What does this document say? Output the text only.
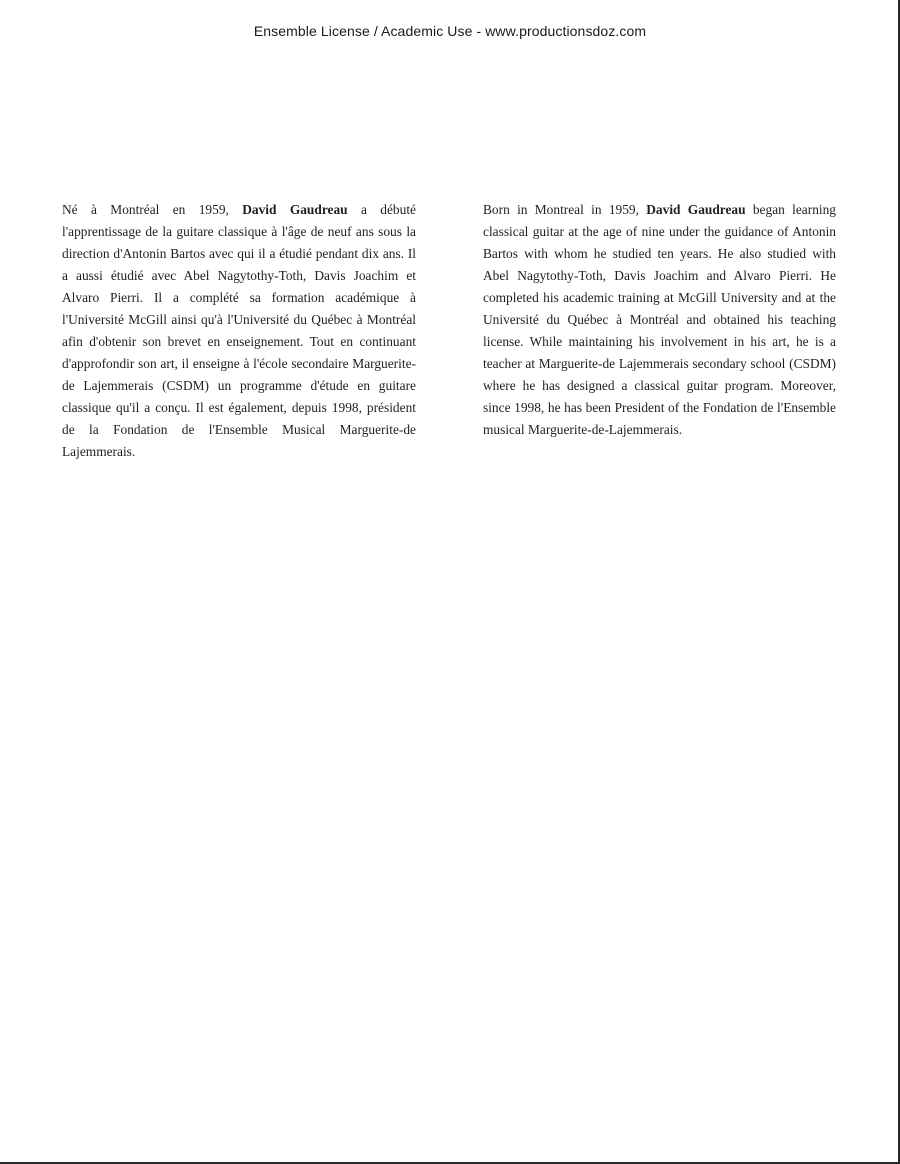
Ensemble License / Academic Use - www.productionsdoz.com
Né à Montréal en 1959, David Gaudreau a débuté l'apprentissage de la guitare classique à l'âge de neuf ans sous la direction d'Antonin Bartos avec qui il a étudié pendant dix ans. Il a aussi étudié avec Abel Nagytothy-Toth, Davis Joachim et Alvaro Pierri. Il a complété sa formation académique à l'Université McGill ainsi qu'à l'Université du Québec à Montréal afin d'obtenir son brevet en enseignement. Tout en continuant d'approfondir son art, il enseigne à l'école secondaire Marguerite-de Lajemmerais (CSDM) un programme d'étude en guitare classique qu'il a conçu. Il est également, depuis 1998, président de la Fondation de l'Ensemble Musical Marguerite-de Lajemmerais.
Born in Montreal in 1959, David Gaudreau began learning classical guitar at the age of nine under the guidance of Antonin Bartos with whom he studied ten years. He also studied with Abel Nagytothy-Toth, Davis Joachim and Alvaro Pierri. He completed his academic training at McGill University and at the Université du Québec à Montréal and obtained his teaching license. While maintaining his involvement in his art, he is a teacher at Marguerite-de Lajemmerais secondary school (CSDM) where he has designed a classical guitar program. Moreover, since 1998, he has been President of the Fondation de l'Ensemble musical Marguerite-de-Lajemmerais.
